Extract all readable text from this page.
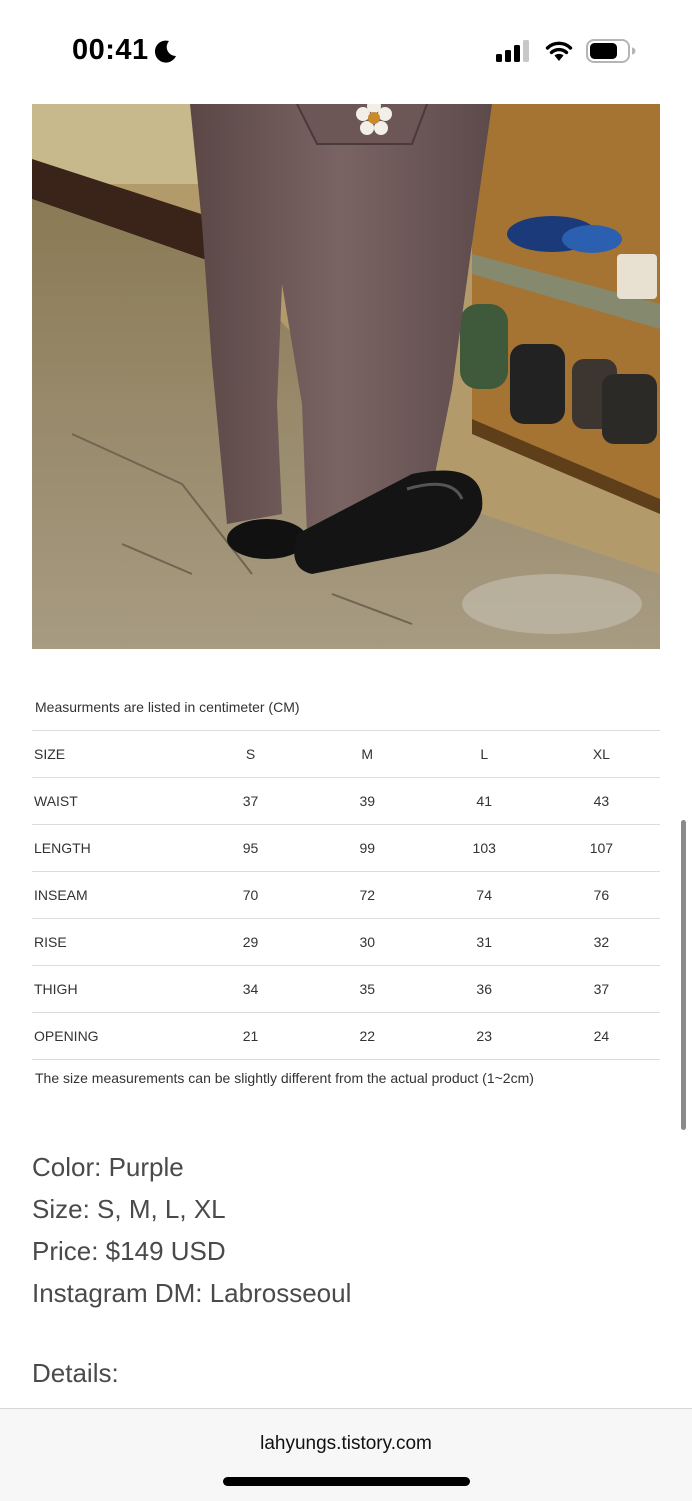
00:41
Measurments are listed in centimeter (CM)
SIZE	S	M	L	XL
WAIST	37	39	41	43
LENGTH	95	99	103	107
INSEAM	70	72	74	76
RISE	29	30	31	32
THIGH	34	35	36	37
OPENING	21	22	23	24
The size measurements can be slightly different from the actual product (1~2cm)
Color: Purple
Size: S, M, L, XL
Price: $149 USD
Instagram DM: Labrosseoul
Details:
lahyungs.tistory.com
